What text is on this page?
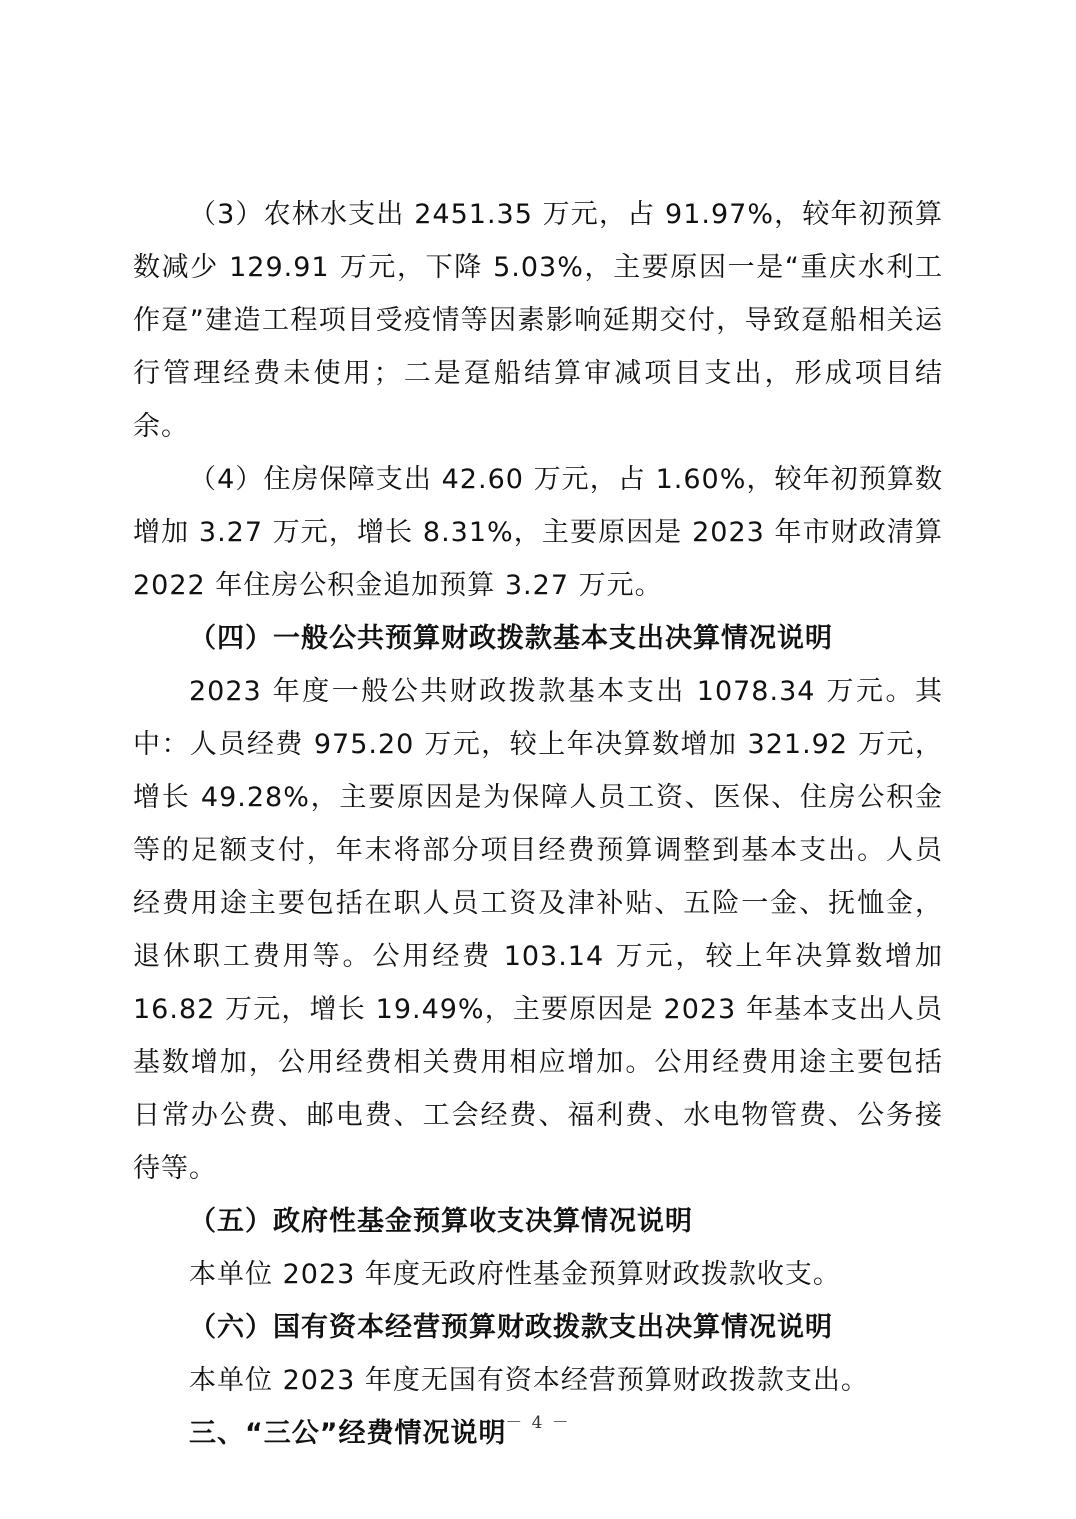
（3）农林水支出 2451.35 万元，占 91.97%，较年初预算数减少 129.91 万元，下降 5.03%，主要原因一是“重庆水利工作趸”建造工程项目受疫情等因素影响延期交付，导致趸船相关运行管理经费未使用；二是趸船结算审减项目支出，形成项目结余。

（4）住房保障支出 42.60 万元，占 1.60%，较年初预算数增加 3.27 万元，增长 8.31%，主要原因是 2023 年市财政清算 2022 年住房公积金追加预算 3.27 万元。

（四）一般公共预算财政拨款基本支出决算情况说明

2023 年度一般公共财政拨款基本支出 1078.34 万元。其中：人员经费 975.20 万元，较上年决算数增加 321.92 万元，增长 49.28%，主要原因是为保障人员工资、医保、住房公积金等的足额支付，年末将部分项目经费预算调整到基本支出。人员经费用途主要包括在职人员工资及津补贴、五险一金、抚恤金，退休职工费用等。公用经费 103.14 万元，较上年决算数增加 16.82 万元，增长 19.49%，主要原因是 2023 年基本支出人员基数增加，公用经费相关费用相应增加。公用经费用途主要包括日常办公费、邮电费、工会经费、福利费、水电物管费、公务接待等。

（五）政府性基金预算收支决算情况说明

本单位 2023 年度无政府性基金预算财政拨款收支。

（六）国有资本经营预算财政拨款支出决算情况说明

本单位 2023 年度无国有资本经营预算财政拨款支出。

三、“三公”经费情况说明

－ 4 －
